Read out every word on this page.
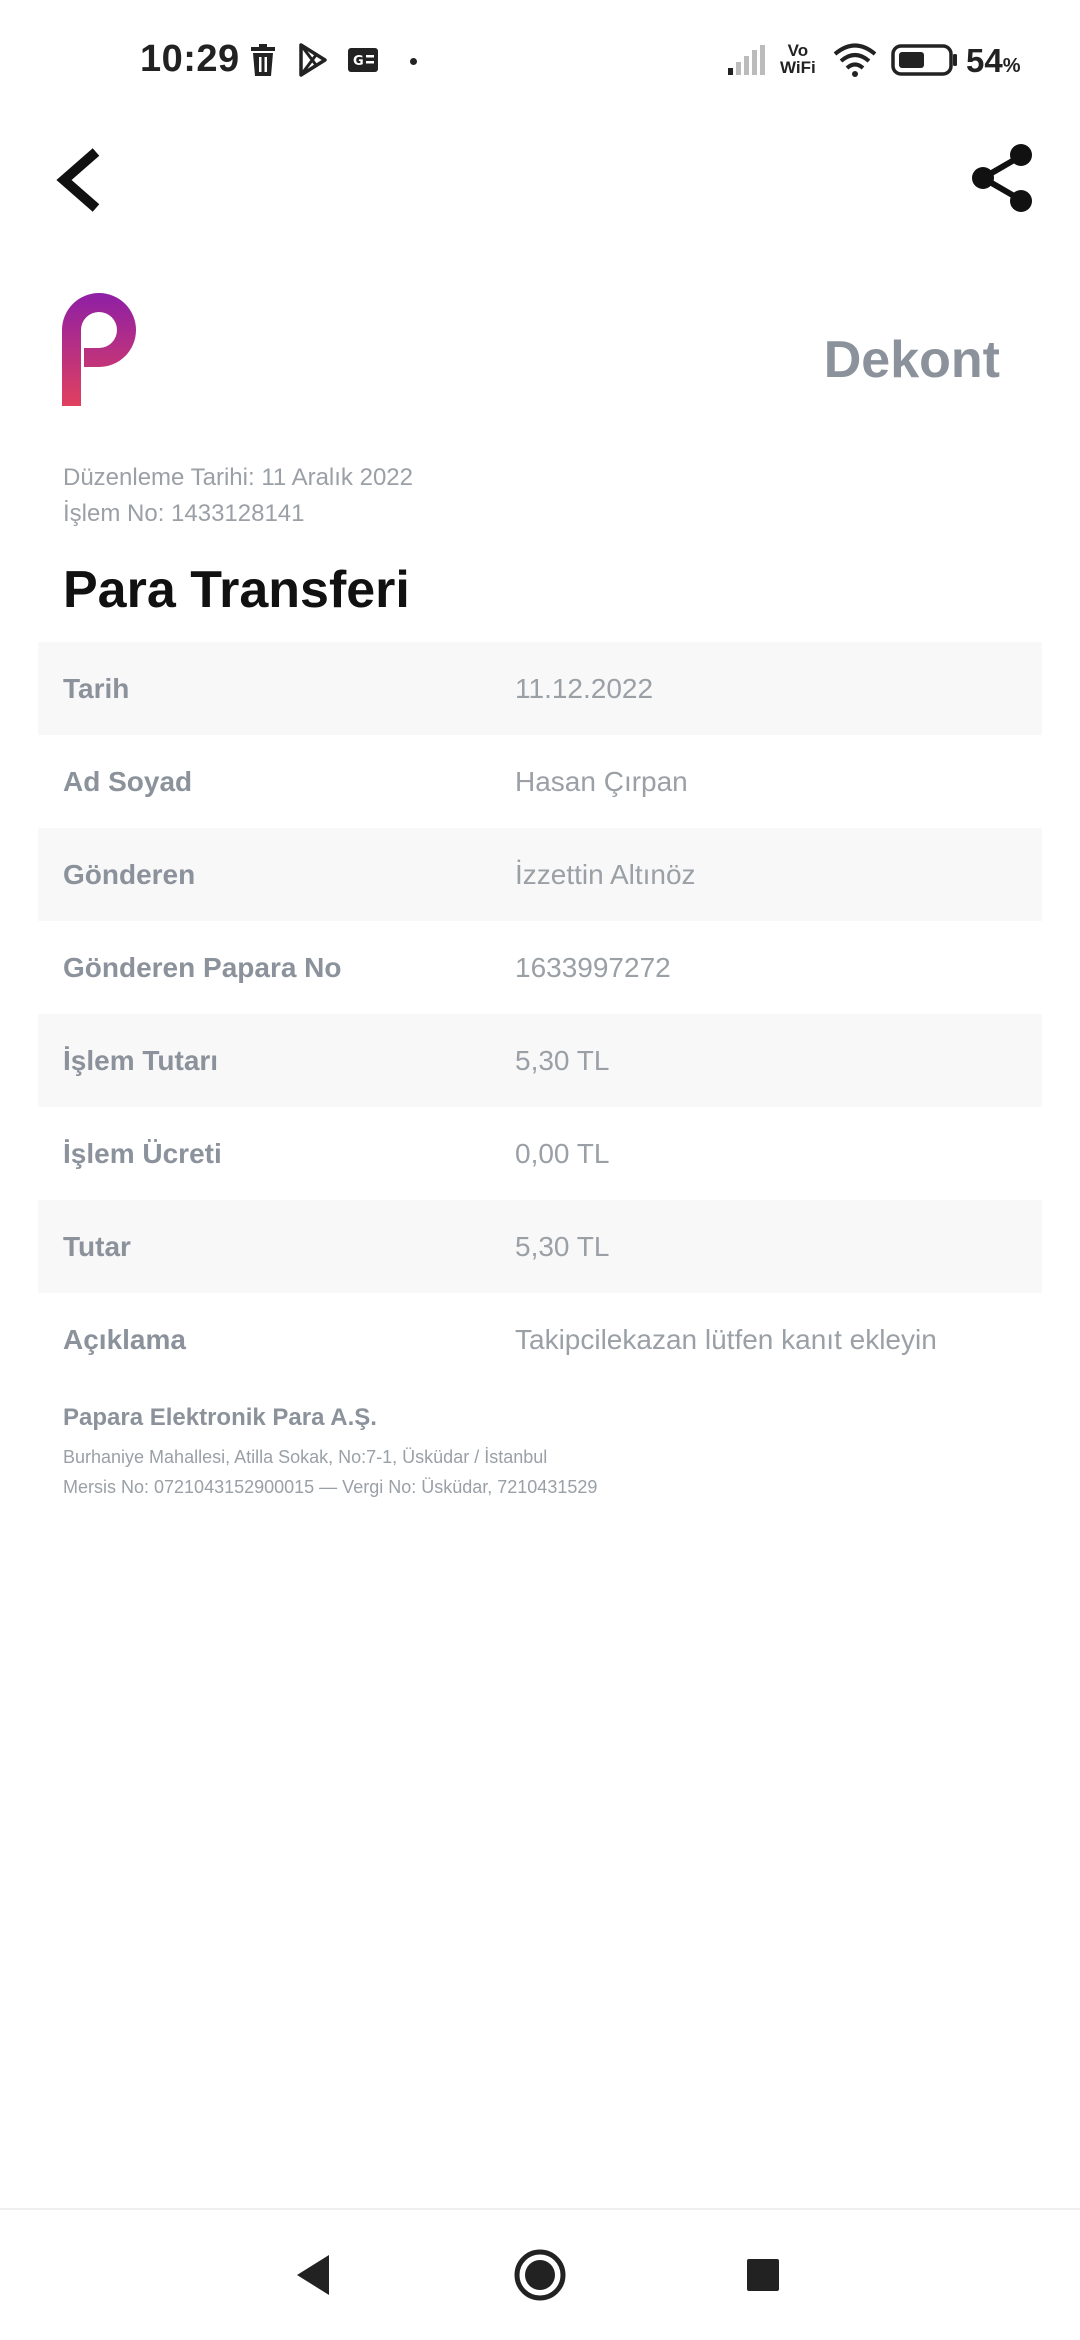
10:29	G
Vo
WiFi	54%
Dekont
Düzenleme Tarihi: 11 Aralık 2022
İşlem No: 1433128141
Para Transferi
Tarih	11.12.2022
Ad Soyad	Hasan Çırpan
Gönderen	İzzettin Altınöz
Gönderen Papara No	1633997272
İşlem Tutarı	5,30 TL
İşlem Ücreti	0,00 TL
Tutar	5,30 TL
Açıklama	Takipcilekazan lütfen kanıt ekleyin
Papara Elektronik Para A.Ş.
Burhaniye Mahallesi, Atilla Sokak, No:7-1, Üsküdar / İstanbul
Mersis No: 0721043152900015 — Vergi No: Üsküdar, 7210431529
